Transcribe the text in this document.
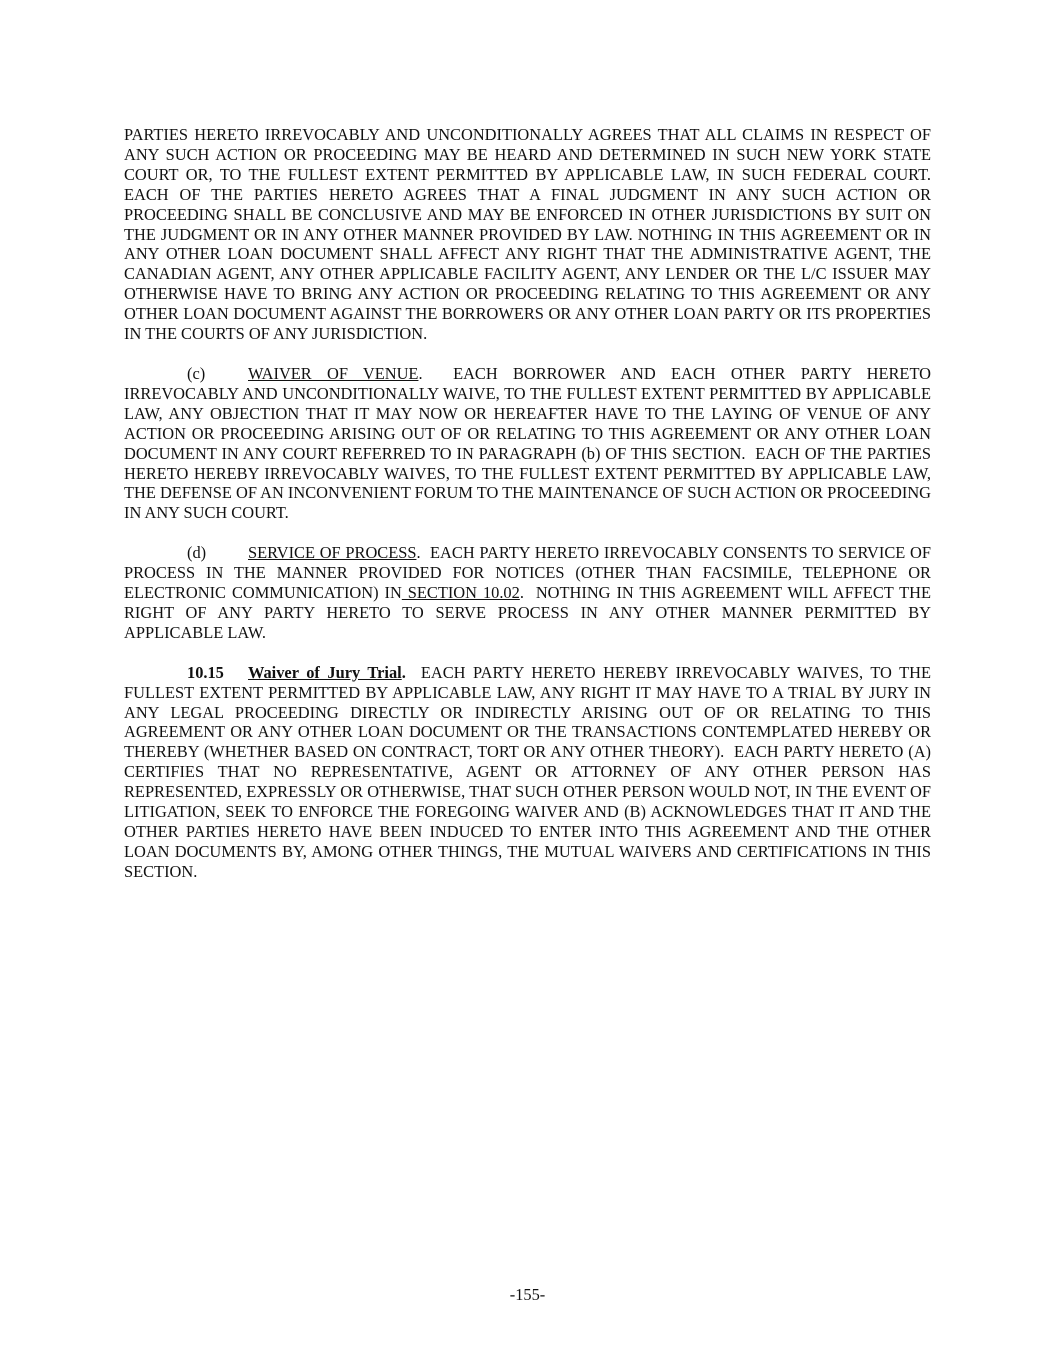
PARTIES HERETO IRREVOCABLY AND UNCONDITIONALLY AGREES THAT ALL CLAIMS IN RESPECT OF ANY SUCH ACTION OR PROCEEDING MAY BE HEARD AND DETERMINED IN SUCH NEW YORK STATE COURT OR, TO THE FULLEST EXTENT PERMITTED BY APPLICABLE LAW, IN SUCH FEDERAL COURT. EACH OF THE PARTIES HERETO AGREES THAT A FINAL JUDGMENT IN ANY SUCH ACTION OR PROCEEDING SHALL BE CONCLUSIVE AND MAY BE ENFORCED IN OTHER JURISDICTIONS BY SUIT ON THE JUDGMENT OR IN ANY OTHER MANNER PROVIDED BY LAW. NOTHING IN THIS AGREEMENT OR IN ANY OTHER LOAN DOCUMENT SHALL AFFECT ANY RIGHT THAT THE ADMINISTRATIVE AGENT, THE CANADIAN AGENT, ANY OTHER APPLICABLE FACILITY AGENT, ANY LENDER OR THE L/C ISSUER MAY OTHERWISE HAVE TO BRING ANY ACTION OR PROCEEDING RELATING TO THIS AGREEMENT OR ANY OTHER LOAN DOCUMENT AGAINST THE BORROWERS OR ANY OTHER LOAN PARTY OR ITS PROPERTIES IN THE COURTS OF ANY JURISDICTION.

(c)	WAIVER OF VENUE.  EACH BORROWER AND EACH OTHER PARTY HERETO IRREVOCABLY AND UNCONDITIONALLY WAIVE, TO THE FULLEST EXTENT PERMITTED BY APPLICABLE LAW, ANY OBJECTION THAT IT MAY NOW OR HEREAFTER HAVE TO THE LAYING OF VENUE OF ANY ACTION OR PROCEEDING ARISING OUT OF OR RELATING TO THIS AGREEMENT OR ANY OTHER LOAN DOCUMENT IN ANY COURT REFERRED TO IN PARAGRAPH (b) OF THIS SECTION.  EACH OF THE PARTIES HERETO HEREBY IRREVOCABLY WAIVES, TO THE FULLEST EXTENT PERMITTED BY APPLICABLE LAW, THE DEFENSE OF AN INCONVENIENT FORUM TO THE MAINTENANCE OF SUCH ACTION OR PROCEEDING IN ANY SUCH COURT.

(d)	SERVICE OF PROCESS.  EACH PARTY HERETO IRREVOCABLY CONSENTS TO SERVICE OF PROCESS IN THE MANNER PROVIDED FOR NOTICES (OTHER THAN FACSIMILE, TELEPHONE OR ELECTRONIC COMMUNICATION) IN SECTION 10.02.  NOTHING IN THIS AGREEMENT WILL AFFECT THE RIGHT OF ANY PARTY HERETO TO SERVE PROCESS IN ANY OTHER MANNER PERMITTED BY APPLICABLE LAW.

10.15 Waiver of Jury Trial.  EACH PARTY HERETO HEREBY IRREVOCABLY WAIVES, TO THE FULLEST EXTENT PERMITTED BY APPLICABLE LAW, ANY RIGHT IT MAY HAVE TO A TRIAL BY JURY IN ANY LEGAL PROCEEDING DIRECTLY OR INDIRECTLY ARISING OUT OF OR RELATING TO THIS AGREEMENT OR ANY OTHER LOAN DOCUMENT OR THE TRANSACTIONS CONTEMPLATED HEREBY OR THEREBY (WHETHER BASED ON CONTRACT, TORT OR ANY OTHER THEORY).  EACH PARTY HERETO (A) CERTIFIES THAT NO REPRESENTATIVE, AGENT OR ATTORNEY OF ANY OTHER PERSON HAS REPRESENTED, EXPRESSLY OR OTHERWISE, THAT SUCH OTHER PERSON WOULD NOT, IN THE EVENT OF LITIGATION, SEEK TO ENFORCE THE FOREGOING WAIVER AND (B) ACKNOWLEDGES THAT IT AND THE OTHER PARTIES HERETO HAVE BEEN INDUCED TO ENTER INTO THIS AGREEMENT AND THE OTHER LOAN DOCUMENTS BY, AMONG OTHER THINGS, THE MUTUAL WAIVERS AND CERTIFICATIONS IN THIS SECTION.

-155-
